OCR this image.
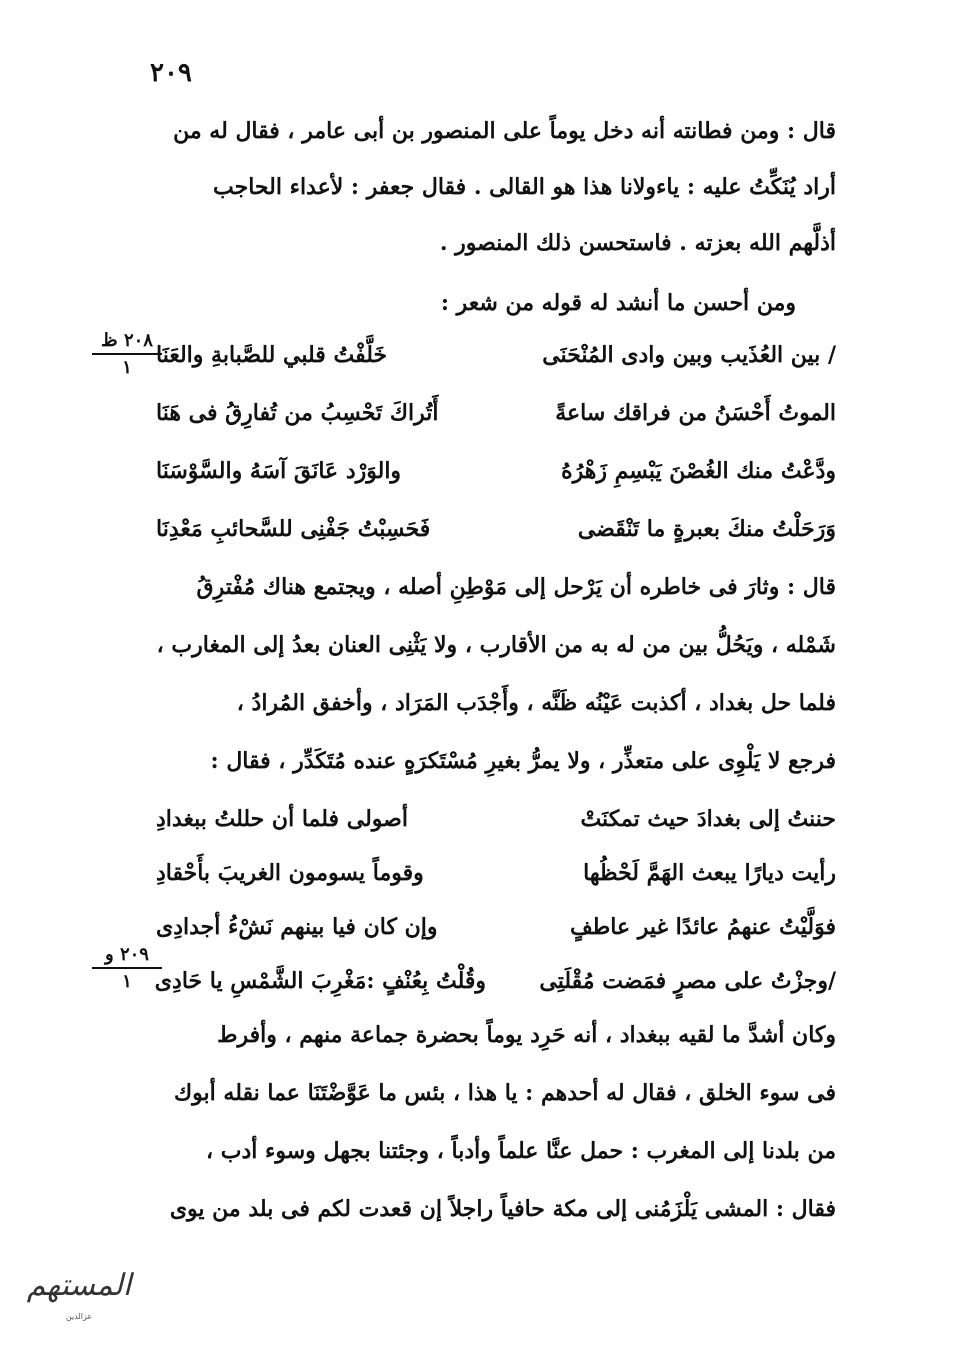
٢٠٩
قال : ومن فطانته أنه دخل يوماً على المنصور بن أبى عامر ، فقال له من
أراد يُنَكِّتُ عليه : ياءولانا هذا هو القالى . فقال جعفر : لأعداء الحاجب
أذلَّهم الله بعزته . فاستحسن ذلك المنصور .
ومن أحسن ما أنشد له قوله من شعر :
/ بين العُذَيب وبين وادى المُنْحَنَى
خَلَّفْتُ قلبي للصَّبابةِ والعَنَا
الموتُ أَحْسَنُ من فراقك ساعةً
أَتُراكَ تَحْسِبُ من تُفارِقُ فى هَنَا
ودَّعْتُ منك الغُصْنَ يَبْسِمِ زَهْرُهُ
والوَرْد عَانَقَ آسَهُ والسَّوْسَنَا
وَرَحَلْتُ منكَ بعبرةٍ ما تَنْقَضى
فَحَسِبْتُ جَفْنِى للسَّحائبِ مَعْدِنَا
٢٠٨ ظ
١
قال : وثارَ فى خاطره أن يَرْحل إلى مَوْطِنِ أصله ، ويجتمع هناك مُفْترِقُ
شَمْله ، ويَحُلُّ بين من له به من الأقارب ، ولا يَثْنِى العنان بعدُ إلى المغارب ،
فلما حل بغداد ، أكذبت عَيْنُه ظَنَّه ، وأَجْدَب المَرَاد ، وأخفق المُرادُ ،
فرجع لا يَلْوِى على متعذِّر ، ولا يمرُّ بغيرِ مُسْتَكرَهٍ عنده مُتَكَدِّر ، فقال :
حننتُ إلى بغدادَ حيث تمكنَتْ
أصولى فلما أن حللتُ ببغدادِ
رأيت ديارًا يبعث الهَمَّ لَحْظُها
وقوماً يسومون الغريبَ بأَحْقادِ
فوَلَّيْتُ عنهمُ عائدًا غير عاطفٍ
وإن كان فيا بينهم نَشْءُ أجدادِى
/وجزْتُ على مصرٍ فمَضت مُقْلَتِى
وقُلْتُ بِعُنْفٍ :مَغْرِبَ الشَّمْسِ يا حَادِى
٢٠٩ و
١
وكان أشدَّ ما لقيه ببغداد ، أنه حَرِد يوماً بحضرة جماعة منهم ، وأفرط
فى سوء الخلق ، فقال له أحدهم : يا هذا ، بئس ما عَوَّضْتَنَا عما نقله أبوك
من بلدنا إلى المغرب : حمل عنَّا علماً وأدباً ، وجئتنا بجهل وسوء أدب ،
فقال : المشى يَلْزَمُنى إلى مكة حافياً راجلاً إن قعدت لكم فى بلد من يوى
المستهم
عزالدين
